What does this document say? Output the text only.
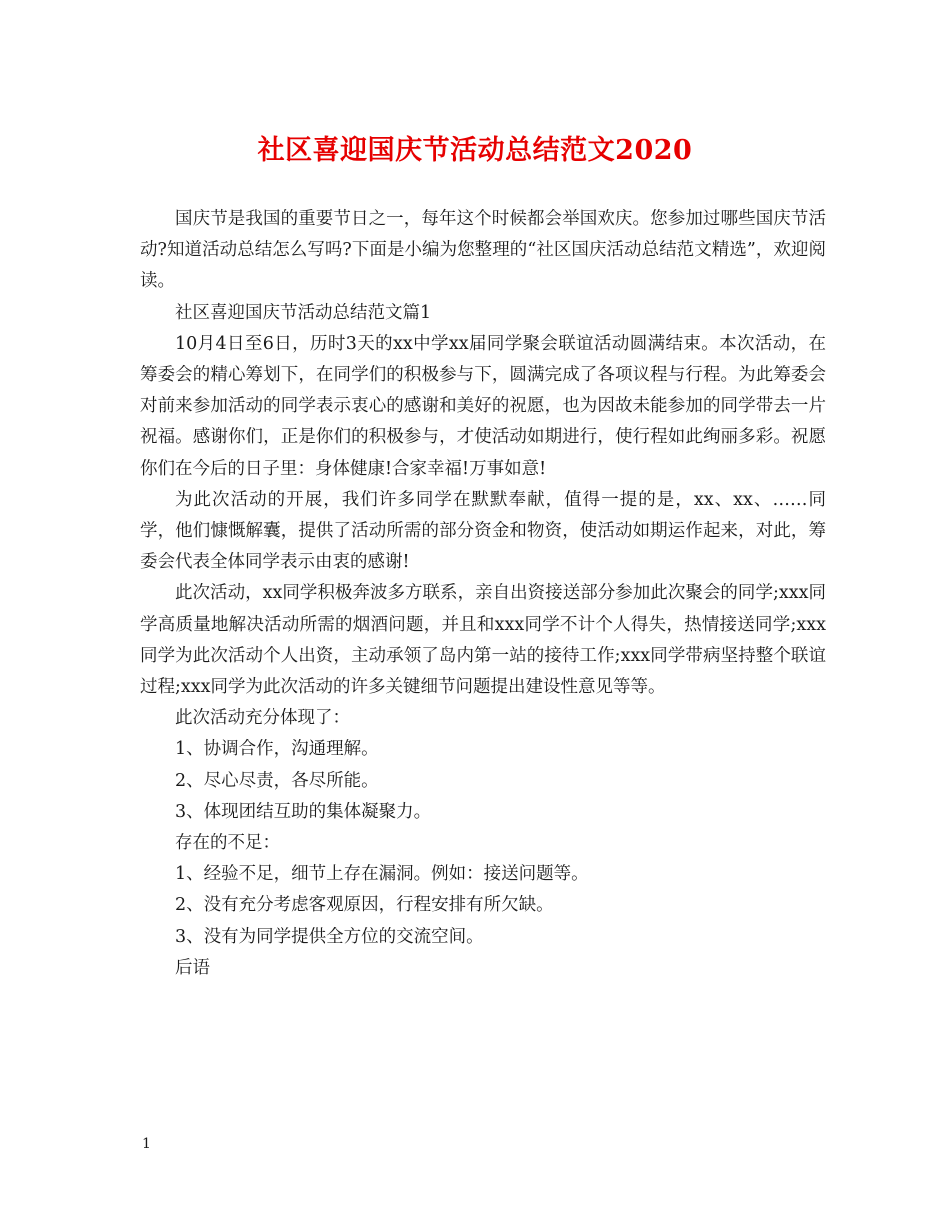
社区喜迎国庆节活动总结范文2020

国庆节是我国的重要节日之一，每年这个时候都会举国欢庆。您参加过哪些国庆节活动?知道活动总结怎么写吗?下面是小编为您整理的“社区国庆活动总结范文精选”，欢迎阅读。

社区喜迎国庆节活动总结范文篇1

10月4日至6日，历时3天的xx中学xx届同学聚会联谊活动圆满结束。本次活动，在筹委会的精心筹划下，在同学们的积极参与下，圆满完成了各项议程与行程。为此筹委会对前来参加活动的同学表示衷心的感谢和美好的祝愿，也为因故未能参加的同学带去一片祝福。感谢你们，正是你们的积极参与，才使活动如期进行，使行程如此绚丽多彩。祝愿你们在今后的日子里：身体健康!合家幸福!万事如意!

为此次活动的开展，我们许多同学在默默奉献，值得一提的是，xx、xx、……同学，他们慷慨解囊，提供了活动所需的部分资金和物资，使活动如期运作起来，对此，筹委会代表全体同学表示由衷的感谢!

此次活动，xx同学积极奔波多方联系，亲自出资接送部分参加此次聚会的同学;xxx同学高质量地解决活动所需的烟酒问题，并且和xxx同学不计个人得失，热情接送同学;xxx同学为此次活动个人出资，主动承领了岛内第一站的接待工作;xxx同学带病坚持整个联谊过程;xxx同学为此次活动的许多关键细节问题提出建设性意见等等。

此次活动充分体现了：

1、协调合作，沟通理解。

2、尽心尽责，各尽所能。

3、体现团结互助的集体凝聚力。

存在的不足：

1、经验不足，细节上存在漏洞。例如：接送问题等。

2、没有充分考虑客观原因，行程安排有所欠缺。

3、没有为同学提供全方位的交流空间。

后语

1
